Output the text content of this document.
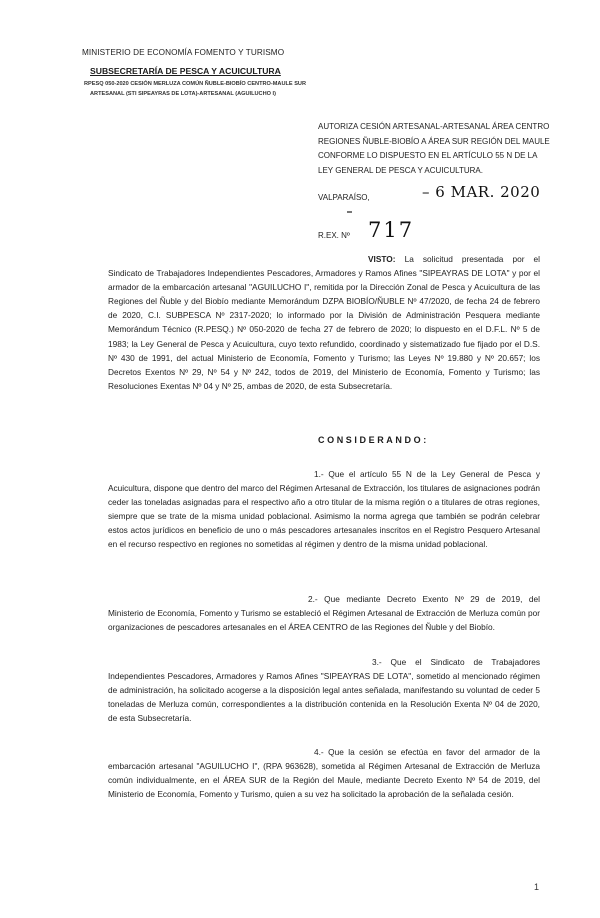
MINISTERIO DE ECONOMÍA FOMENTO Y TURISMO
SUBSECRETARÍA DE PESCA Y ACUICULTURA
RPESQ 050-2020 CESIÓN MERLUZA COMÚN ÑUBLE-BIOBÍO CENTRO-MAULE SUR
ARTESANAL (STI SIPEAYRAS DE LOTA)-ARTESANAL (AGUILUCHO I)
AUTORIZA CESIÓN ARTESANAL-ARTESANAL ÁREA CENTRO REGIONES ÑUBLE-BIOBÍO A ÁREA SUR REGIÓN DEL MAULE CONFORME LO DISPUESTO EN EL ARTÍCULO 55 N DE LA LEY GENERAL DE PESCA Y ACUICULTURA.
VALPARAÍSO,	– 6 MAR. 2020
R.EX. Nº 717
VISTO: La solicitud presentada por el Sindicato de Trabajadores Independientes Pescadores, Armadores y Ramos Afines "SIPEAYRAS DE LOTA" y por el armador de la embarcación artesanal "AGUILUCHO I", remitida por la Dirección Zonal de Pesca y Acuicultura de las Regiones del Ñuble y del Biobío mediante Memorándum DZPA BIOBÍO/ÑUBLE Nº 47/2020, de fecha 24 de febrero de 2020, C.I. SUBPESCA Nº 2317-2020; lo informado por la División de Administración Pesquera mediante Memorándum Técnico (R.PESQ.) Nº 050-2020 de fecha 27 de febrero de 2020; lo dispuesto en el D.F.L. Nº 5 de 1983; la Ley General de Pesca y Acuicultura, cuyo texto refundido, coordinado y sistematizado fue fijado por el D.S. Nº 430 de 1991, del actual Ministerio de Economía, Fomento y Turismo; las Leyes Nº 19.880 y Nº 20.657; los Decretos Exentos Nº 29, Nº 54 y Nº 242, todos de 2019, del Ministerio de Economía, Fomento y Turismo; las Resoluciones Exentas Nº 04 y Nº 25, ambas de 2020, de esta Subsecretaría.
CONSIDERANDO:
1.- Que el artículo 55 N de la Ley General de Pesca y Acuicultura, dispone que dentro del marco del Régimen Artesanal de Extracción, los titulares de asignaciones podrán ceder las toneladas asignadas para el respectivo año a otro titular de la misma región o a titulares de otras regiones, siempre que se trate de la misma unidad poblacional. Asimismo la norma agrega que también se podrán celebrar estos actos jurídicos en beneficio de uno o más pescadores artesanales inscritos en el Registro Pesquero Artesanal en el recurso respectivo en regiones no sometidas al régimen y dentro de la misma unidad poblacional.
2.- Que mediante Decreto Exento Nº 29 de 2019, del Ministerio de Economía, Fomento y Turismo se estableció el Régimen Artesanal de Extracción de Merluza común por organizaciones de pescadores artesanales en el ÁREA CENTRO de las Regiones del Ñuble y del Biobío.
3.- Que el Sindicato de Trabajadores Independientes Pescadores, Armadores y Ramos Afines "SIPEAYRAS DE LOTA", sometido al mencionado régimen de administración, ha solicitado acogerse a la disposición legal antes señalada, manifestando su voluntad de ceder 5 toneladas de Merluza común, correspondientes a la distribución contenida en la Resolución Exenta Nº 04 de 2020, de esta Subsecretaría.
4.- Que la cesión se efectúa en favor del armador de la embarcación artesanal "AGUILUCHO I", (RPA 963628), sometida al Régimen Artesanal de Extracción de Merluza común individualmente, en el ÁREA SUR de la Región del Maule, mediante Decreto Exento Nº 54 de 2019, del Ministerio de Economía, Fomento y Turismo, quien a su vez ha solicitado la aprobación de la señalada cesión.
1
